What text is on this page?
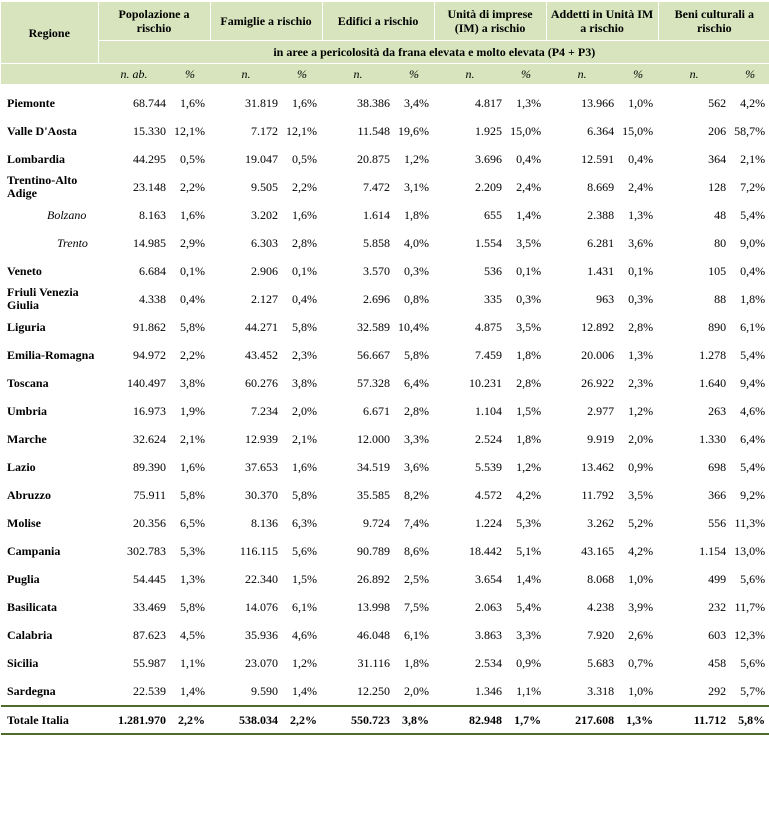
Regione	Popolazione a rischio		Famiglie a rischio		Edifici a rischio		Unità di imprese (IM) a rischio		Addetti in Unità IM a rischio		Beni culturali a rischio	
	in aree a pericolosità da frana elevata e molto elevata (P4 + P3)											
	n. ab.	%	n.	%	n.	%	n.	%	n.	%	n.	%
Piemonte	68.744	1,6%	31.819	1,6%	38.386	3,4%	4.817	1,3%	13.966	1,0%	562	4,2%
Valle D'Aosta	15.330	12,1%	7.172	12,1%	11.548	19,6%	1.925	15,0%	6.364	15,0%	206	58,7%
Lombardia	44.295	0,5%	19.047	0,5%	20.875	1,2%	3.696	0,4%	12.591	0,4%	364	2,1%
Trentino-Alto Adige	23.148	2,2%	9.505	2,2%	7.472	3,1%	2.209	2,4%	8.669	2,4%	128	7,2%
Bolzano	8.163	1,6%	3.202	1,6%	1.614	1,8%	655	1,4%	2.388	1,3%	48	5,4%
Trento	14.985	2,9%	6.303	2,8%	5.858	4,0%	1.554	3,5%	6.281	3,6%	80	9,0%
Veneto	6.684	0,1%	2.906	0,1%	3.570	0,3%	536	0,1%	1.431	0,1%	105	0,4%
Friuli Venezia Giulia	4.338	0,4%	2.127	0,4%	2.696	0,8%	335	0,3%	963	0,3%	88	1,8%
Liguria	91.862	5,8%	44.271	5,8%	32.589	10,4%	4.875	3,5%	12.892	2,8%	890	6,1%
Emilia-Romagna	94.972	2,2%	43.452	2,3%	56.667	5,8%	7.459	1,8%	20.006	1,3%	1.278	5,4%
Toscana	140.497	3,8%	60.276	3,8%	57.328	6,4%	10.231	2,8%	26.922	2,3%	1.640	9,4%
Umbria	16.973	1,9%	7.234	2,0%	6.671	2,8%	1.104	1,5%	2.977	1,2%	263	4,6%
Marche	32.624	2,1%	12.939	2,1%	12.000	3,3%	2.524	1,8%	9.919	2,0%	1.330	6,4%
Lazio	89.390	1,6%	37.653	1,6%	34.519	3,6%	5.539	1,2%	13.462	0,9%	698	5,4%
Abruzzo	75.911	5,8%	30.370	5,8%	35.585	8,2%	4.572	4,2%	11.792	3,5%	366	9,2%
Molise	20.356	6,5%	8.136	6,3%	9.724	7,4%	1.224	5,3%	3.262	5,2%	556	11,3%
Campania	302.783	5,3%	116.115	5,6%	90.789	8,6%	18.442	5,1%	43.165	4,2%	1.154	13,0%
Puglia	54.445	1,3%	22.340	1,5%	26.892	2,5%	3.654	1,4%	8.068	1,0%	499	5,6%
Basilicata	33.469	5,8%	14.076	6,1%	13.998	7,5%	2.063	5,4%	4.238	3,9%	232	11,7%
Calabria	87.623	4,5%	35.936	4,6%	46.048	6,1%	3.863	3,3%	7.920	2,6%	603	12,3%
Sicilia	55.987	1,1%	23.070	1,2%	31.116	1,8%	2.534	0,9%	5.683	0,7%	458	5,6%
Sardegna	22.539	1,4%	9.590	1,4%	12.250	2,0%	1.346	1,1%	3.318	1,0%	292	5,7%
Totale Italia	1.281.970	2,2%	538.034	2,2%	550.723	3,8%	82.948	1,7%	217.608	1,3%	11.712	5,8%
